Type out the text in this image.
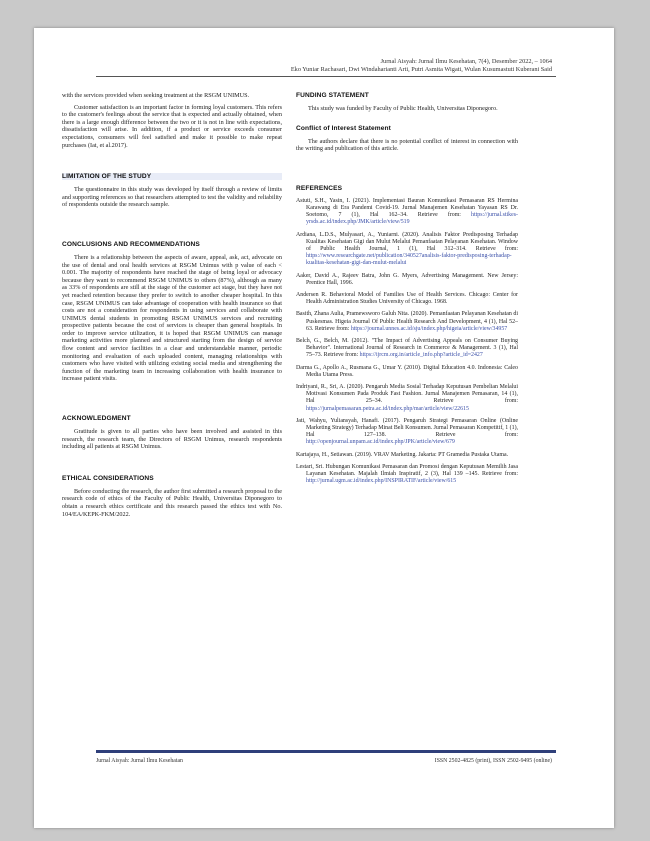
Jurnal Aisyah: Jurnal Ilmu Kesehatan, 7(4), Desember 2022, – 1064
Eko Yuniar Rachasari, Dwi Windaharianti Arti, Putri Asmita Wigati, Wulan Kusumastuti Kuberani Said

with the services provided when seeking treatment at the RSGM UNIMUS.

Customer satisfaction is an important factor in forming loyal customers. This refers to the customer's feelings about the service that is expected and actually obtained, when there is a large enough difference between the two or it is not in line with expectations, dissatisfaction will arise. In addition, if a product or service exceeds consumer expectations, consumers will feel satisfied and make it possible to make repeat purchases (Iat, et al.2017).

LIMITATION OF THE STUDY

The questionnaire in this study was developed by itself through a review of limits and supporting references so that researchers attempted to test the validity and reliability of respondents outside the research sample.

CONCLUSIONS AND RECOMMENDATIONS

There is a relationship between the aspects of aware, appeal, ask, act, advocate on the use of dental and oral health services at RSGM Unimus with p value of each < 0.001. The majority of respondents have reached the stage of being loyal or advocacy because they want to recommend RSGM UNIMUS to others (87%), although as many as 33% of respondents are still at the stage of the customer act stage, but they have not yet reached retention because they prefer to switch to another cheaper hospital. In this case, RSGM UNIMUS can take advantage of cooperation with health insurance so that costs are not a consideration for respondents in using services and collaborate with UNIMUS dental students in promoting RSGM UNIMUS services and recruiting prospective patients because the cost of services is cheaper than general hospitals. In order to improve service utilization, it is hoped that RSGM UNIMUS can manage marketing activities more planned and structured starting from the design of service flow content and service facilities in a clear and understandable manner, periodic monitoring and evaluation of each uploaded content, managing relationships with customers who have visited with utilizing existing social media and strengthening the function of the marketing team in increasing collaboration with health insurance to increase patient visits.

ACKNOWLEDGMENT

Gratitude is given to all parties who have been involved and assisted in this research, the research team, the Directors of RSGM Unimus, research respondents including all patients at RSGM Unimus.

ETHICAL CONSIDERATIONS

Before conducting the research, the author first submitted a research proposal to the research code of ethics of the Faculty of Public Health, Universitas Diponegoro to obtain a research ethics certificate and this research passed the ethics test with No. 104/EA/KEPK-FKM/2022.

FUNDING STATEMENT

This study was funded by Faculty of Public Health, Universitas Diponegoro.

Conflict of Interest Statement

The authors declare that there is no potential conflict of interest in connection with the writing and publication of this article.

REFERENCES

Astuti, S.H., Yasin, I. (2021). Implementasi Bauran Komunikasi Pemasaran RS Hermina Karawang di Era Pandemi Covid-19. Jurnal Manajemen Kesehatan Yayasan RS Dr. Soetomo, 7 (1), Hal 162–34. Retrieve from: https://jurnal.stikes-yrsds.ac.id/index.php/JMK/article/view/519

Ardiana, L.D.S., Mulyasari, A., Yuniarni. (2020). Analisis Faktor Predisposing Terhadap Kualitas Kesehatan Gigi dan Mulut Melalui Pemanfaatan Pelayanan Kesehatan. Window of Public Health Journal, 1 (1), Hal 312–314. Retrieve from: https://www.researchgate.net/publication/340527analisis-faktor-predisposing-terhadap-kualitas-kesehatan-gigi-dan-mulut-melalui

Aaker, David A., Rajeev Batra, John G. Myers, Advertising Management. New Jersey: Prentice Hall, 1996.

Andersen R. Behavioral Model of Families Use of Health Services. Chicago: Center for Health Administration Studies University of Chicago. 1968.

Basith, Zhana Aulia, Pramewsworo Galuh Nita. (2020). Pemanfaatan Pelayanan Kesehatan di Puskesmas. Higeia Journal Of Public Health Research And Development, 4 (1), Hal 52–63. Retrieve from: https://journal.unnes.ac.id/sju/index.php/higeia/article/view/34957

Belch, G., Belch, M. (2012). "The Impact of Advertising Appeals on Consumer Buying Behavior". International Journal of Research in Commerce & Management. 3 (1), Hal 75–73. Retrieve from: https://ijrcm.org.in/article_info.php?article_id=2427

Darma G., Apollo A., Rusmana G., Umar Y. (2010). Digital Education 4.0. Indonesia: Caleo Media Utama Press.

Indriyani, R., Sri, A. (2020). Pengaruh Media Sosial Terhadap Keputusan Pembelian Melalui Motivasi Konsumen Pada Produk Fast Fashion. Jurnal Manajemen Pemasaran, 14 (1), Hal 25–34. Retrieve from: https://jurnalpemasaran.petra.ac.id/index.php/mar/article/view/22615

Jati, Wahyu, Yuliansyah, Hanafi. (2017). Pengaruh Strategi Pemasaran Online (Online Marketing Strategy) Terhadap Minat Beli Konsumen. Jurnal Pemasaran Kompetitif, 1 (1), Hal 127–138. Retrieve from: http://openjournal.unpam.ac.id/index.php/JPK/article/view/679

Kartajaya, H., Setiawan. (2019). VRAV Marketing. Jakarta: PT Gramedia Pustaka Utama.

Lestari, Sri. Hubungan Komunikasi Pemasaran dan Promosi dengan Keputusan Memilih Jasa Layanan Kesehatan. Majalah Ilmiah Inspiratif, 2 (3), Hal 139 –145. Retrieve from: http://jurnal.ugm.ac.id/index.php/INSPIRATIF/article/view/615

Jurnal Aisyah: Jurnal Ilmu Kesehatan	ISSN 2502-4825 (print), ISSN 2502-9495 (online)
